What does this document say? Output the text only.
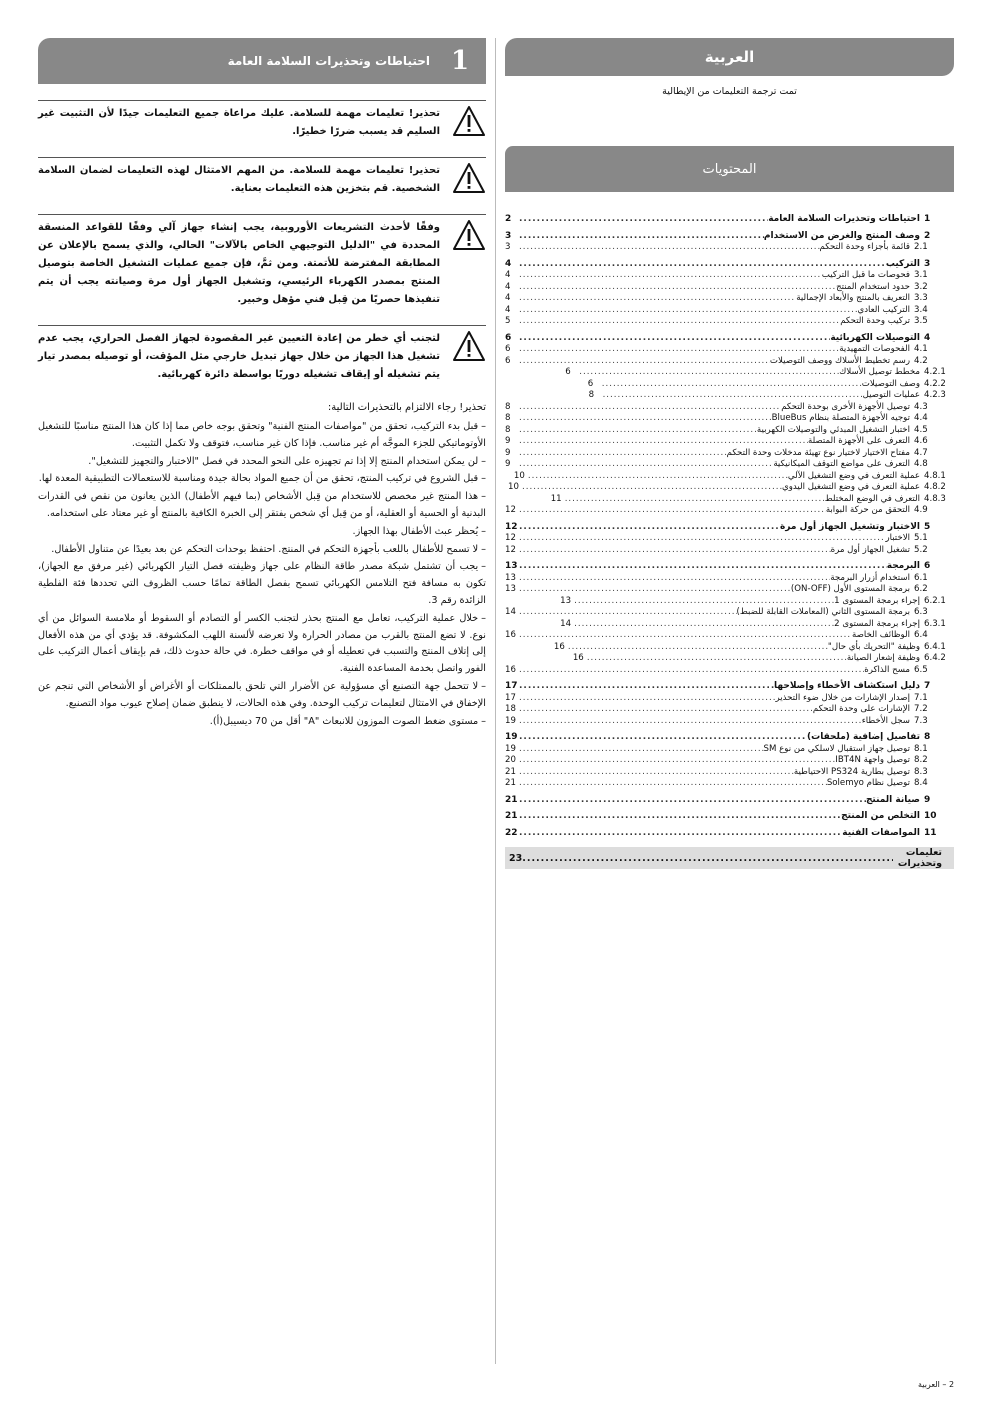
العربية
تمت ترجمة التعليمات من الإيطالية
المحتويات
1
احتياطات وتحذيرات السلامة العامة
.....
2
2
وصف المنتج والغرض من الاستخدام
.....
3
2.1
قائمة بأجزاء وحدة التحكم
.....
3
3
التركيب
.....
4
3.1
فحوصات ما قبل التركيب
.....
4
3.2
حدود استخدام المنتج
.....
4
3.3
التعريف بالمنتج والأبعاد الإجمالية
.....
4
3.4
التركيب العادي
.....
4
3.5
تركيب وحدة التحكم
.....
5
4
التوصيلات الكهربائية
.....
6
4.1
الفحوصات التمهيدية
.....
6
4.2
رسم تخطيط الأسلاك ووصف التوصيلات
.....
6
4.2.1
مخطط توصيل الأسلاك
.....
6
4.2.2
وصف التوصيلات
.....
6
4.2.3
عمليات التوصيل
.....
8
4.3
توصيل الأجهزة الأخرى بوحدة التحكم
.....
8
4.4
توجيه الأجهزة المتصلة بنظام BlueBus
.....
8
4.5
اختبار التشغيل المبدئي والتوصيلات الكهربية
.....
8
4.6
التعرف على الأجهزة المتصلة
.....
9
4.7
مفتاح الاختيار لاختيار نوع تهيئة مدخلات وحدة التحكم
.....
9
4.8
التعرف على مواضع التوقف الميكانيكية
.....
9
4.8.1
عملية التعرف في وضع التشغيل الآلي
.....
10
4.8.2
عملية التعرف في وضع التشغيل اليدوي
.....
10
4.8.3
التعرف في الوضع المختلط
.....
11
4.9
التحقق من حركة البوابة
.....
12
5
الاختبار وتشغيل الجهاز أول مرة
.....
12
5.1
الاختبار
.....
12
5.2
تشغيل الجهاز أول مرة
.....
12
6
البرمجة
.....
13
6.1
استخدام أزرار البرمجة
.....
13
6.2
برمجة المستوى الأول (ON-OFF)
.....
13
6.2.1
إجراء برمجة المستوى 1
.....
13
6.3
برمجة المستوى الثاني (المعاملات القابلة للضبط)
.....
14
6.3.1
إجراء برمجة المستوى 2
.....
14
6.4
الوظائف الخاصة
.....
16
6.4.1
وظيفة "التحريك بأي حال"
.....
16
6.4.2
وظيفة إشعار الصيانة
.....
16
6.5
مسح الذاكرة
.....
16
7
دليل استكشاف الأخطاء وإصلاحها
.....
17
7.1
إصدار الإشارات من خلال ضوء التحذير
.....
17
7.2
الإشارات على وحدة التحكم
.....
18
7.3
سجل الأخطاء
.....
19
8
تفاصيل إضافية (ملحقات)
.....
19
8.1
توصيل جهاز استقبال لاسلكي من نوع SM
.....
19
8.2
توصيل واجهة IBT4N
.....
20
8.3
توصيل بطارية PS324 الاحتياطية
.....
21
8.4
توصيل نظام Solemyo
.....
21
9
صيانة المنتج
.....
21
10
التخلص من المنتج
.....
21
11
المواصفات الفنية
.....
22
تعليمات وتحذيرات
.....
23
1
احتياطات وتحذيرات السلامة العامة
تحذير! تعليمات مهمة للسلامة. عليك مراعاة جميع التعليمات جيدًا لأن التثبيت غير السليم قد يسبب ضررًا خطيرًا.
تحذير! تعليمات مهمة للسلامة. من المهم الامتثال لهذه التعليمات لضمان السلامة الشخصية. قم بتخزين هذه التعليمات بعناية.
وفقًا لأحدث التشريعات الأوروبية، يجب إنشاء جهاز آلي وفقًا للقواعد المنسقة المحددة في "الدليل التوجيهي الخاص بالآلات" الحالي، والذي يسمح بالإعلان عن المطابقة المفترضة للأتمتة. ومن ثمَّ، فإن جميع عمليات التشغيل الخاصة بتوصيل المنتج بمصدر الكهرباء الرئيسي، وتشغيل الجهاز أول مرة وصيانته يجب أن يتم تنفيذها حصريًا من قِبل فني مؤهل وخبير.
لتجنب أي خطر من إعادة التعيين غير المقصودة لجهاز الفصل الحراري، يجب عدم تشغيل هذا الجهاز من خلال جهاز تبديل خارجي مثل المؤقت، أو توصيله بمصدر تيار يتم تشغيله أو إيقاف تشغيله دوريًا بواسطة دائرة كهربائية.
تحذير! رجاء الالتزام بالتحذيرات التالية:
–قبل بدء التركيب، تحقق من "مواصفات المنتج الفنية" وتحقق بوجه خاص مما إذا كان هذا المنتج مناسبًا للتشغيل الأوتوماتيكي للجزء الموجَّه أم غير مناسب. فإذا كان غير مناسب، فتوقف ولا تكمل التثبيت.
–لن يمكن استخدام المنتج إلا إذا تم تجهيزه على النحو المحدد في فصل "الاختبار والتجهيز للتشغيل".
–قبل الشروع في تركيب المنتج، تحقق من أن جميع المواد بحالة جيدة ومناسبة للاستعمالات التطبيقية المعدة لها.
–هذا المنتج غير مخصص للاستخدام من قِبل الأشخاص (بما فيهم الأطفال) الذين يعانون من نقص في القدرات البدنية أو الحسية أو العقلية، أو من قِبل أي شخص يفتقر إلى الخبرة الكافية بالمنتج أو غير معتاد على استخدامه.
–يُحظر عبث الأطفال بهذا الجهاز.
–لا تسمح للأطفال باللعب بأجهزة التحكم في المنتج. احتفظ بوحدات التحكم عن بعد بعيدًا عن متناول الأطفال.
–يجب أن تشتمل شبكة مصدر طاقة النظام على جهاز وظيفته فصل التيار الكهربائي (غير مرفق مع الجهاز)، تكون به مسافة فتح التلامس الكهربائي تسمح بفصل الطاقة تمامًا حسب الظروف التي تحددها فئة الفلطية الزائدة رقم 3.
–خلال عملية التركيب، تعامل مع المنتج بحذر لتجنب الكسر أو التصادم أو السقوط أو ملامسة السوائل من أي نوع. لا تضع المنتج بالقرب من مصادر الحرارة ولا تعرضه لألسنة اللهب المكشوفة. قد يؤدي أي من هذه الأفعال إلى إتلاف المنتج والتسبب في تعطيله أو في مواقف خطرة. في حالة حدوث ذلك، قم بإيقاف أعمال التركيب على الفور واتصل بخدمة المساعدة الفنية.
–لا تتحمل جهة التصنيع أي مسؤولية عن الأضرار التي تلحق بالممتلكات أو الأغراض أو الأشخاص التي تنجم عن الإخفاق في الامتثال لتعليمات تركيب الوحدة. وفي هذه الحالات، لا ينطبق ضمان إصلاح عيوب مواد التصنيع.
–مستوى ضغط الصوت الموزون للانبعاث "A" أقل من 70 ديسيبل(أ).
2 – العربية
